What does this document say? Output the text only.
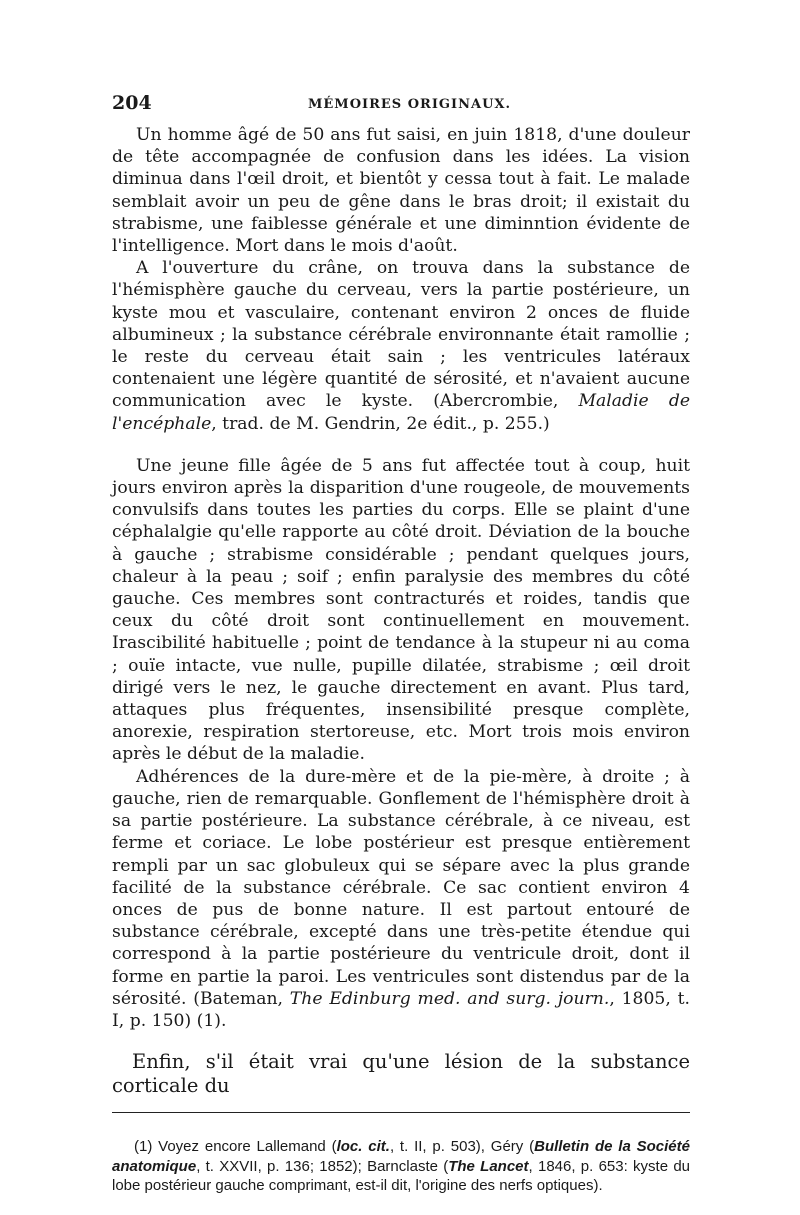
204	MÉMOIRES ORIGINAUX.

Un homme âgé de 50 ans fut saisi, en juin 1818, d'une douleur de tête accompagnée de confusion dans les idées. La vision diminua dans l'œil droit, et bientôt y cessa tout à fait. Le malade semblait avoir un peu de gêne dans le bras droit; il existait du strabisme, une faiblesse générale et une diminntion évidente de l'intelligence. Mort dans le mois d'août.

A l'ouverture du crâne, on trouva dans la substance de l'hémisphère gauche du cerveau, vers la partie postérieure, un kyste mou et vasculaire, contenant environ 2 onces de fluide albumineux ; la substance cérébrale environnante était ramollie ; le reste du cerveau était sain ; les ventricules latéraux contenaient une légère quantité de sérosité, et n'avaient aucune communication avec le kyste. (Abercrombie, Maladie de l'encéphale, trad. de M. Gendrin, 2e édit., p. 255.)

Une jeune fille âgée de 5 ans fut affectée tout à coup, huit jours environ après la disparition d'une rougeole, de mouvements convulsifs dans toutes les parties du corps. Elle se plaint d'une céphalalgie qu'elle rapporte au côté droit. Déviation de la bouche à gauche ; strabisme considérable ; pendant quelques jours, chaleur à la peau ; soif ; enfin paralysie des membres du côté gauche. Ces membres sont contracturés et roides, tandis que ceux du côté droit sont continuellement en mouvement. Irascibilité habituelle ; point de tendance à la stupeur ni au coma ; ouïe intacte, vue nulle, pupille dilatée, strabisme ; œil droit dirigé vers le nez, le gauche directement en avant. Plus tard, attaques plus fréquentes, insensibilité presque complète, anorexie, respiration stertoreuse, etc. Mort trois mois environ après le début de la maladie.

Adhérences de la dure-mère et de la pie-mère, à droite ; à gauche, rien de remarquable. Gonflement de l'hémisphère droit à sa partie postérieure. La substance cérébrale, à ce niveau, est ferme et coriace. Le lobe postérieur est presque entièrement rempli par un sac globuleux qui se sépare avec la plus grande facilité de la substance cérébrale. Ce sac contient environ 4 onces de pus de bonne nature. Il est partout entouré de substance cérébrale, excepté dans une très-petite étendue qui correspond à la partie postérieure du ventricule droit, dont il forme en partie la paroi. Les ventricules sont distendus par de la sérosité. (Bateman, The Edinburg med. and surg. journ., 1805, t. I, p. 150) (1).

Enfin, s'il était vrai qu'une lésion de la substance corticale du

(1) Voyez encore Lallemand (loc. cit., t. II, p. 503), Géry (Bulletin de la Société anatomique, t. XXVII, p. 136; 1852); Barnclaste (The Lancet, 1846, p. 653: kyste du lobe postérieur gauche comprimant, est-il dit, l'origine des nerfs optiques).
